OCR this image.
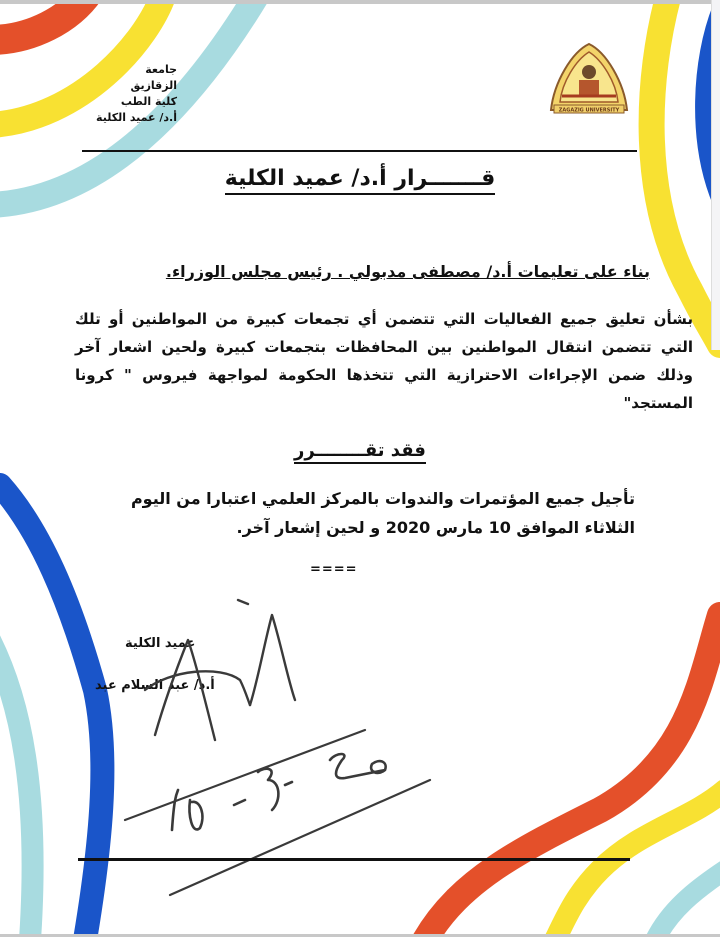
جامعة الزقازيق
كلية الطب
أ.د/ عميد الكلية
ZAGAZIG UNIVERSITY
قـــــــرار أ.د/ عميد الكلية
بناء على تعليمات أ.د/ مصطفى مدبولي . رئيس مجلس الوزراء.
بشأن تعليق جميع الفعاليات التي تتضمن أي تجمعات كبيرة من المواطنين أو تلك التي تتضمن انتقال المواطنين بين المحافظات بتجمعات كبيرة ولحين اشعار آخر وذلك ضمن الإجراءات الاحترازية التي تتخذها الحكومة لمواجهة فيروس " كرونا المستجد"
فقد تقــــــــرر
تأجيل جميع المؤتمرات والندوات بالمركز العلمي اعتبارا من اليوم الثلاثاء الموافق 10 مارس 2020 و لحين إشعار آخر.
====
عميد الكلية
أ.د/ عبد السلام عبد
